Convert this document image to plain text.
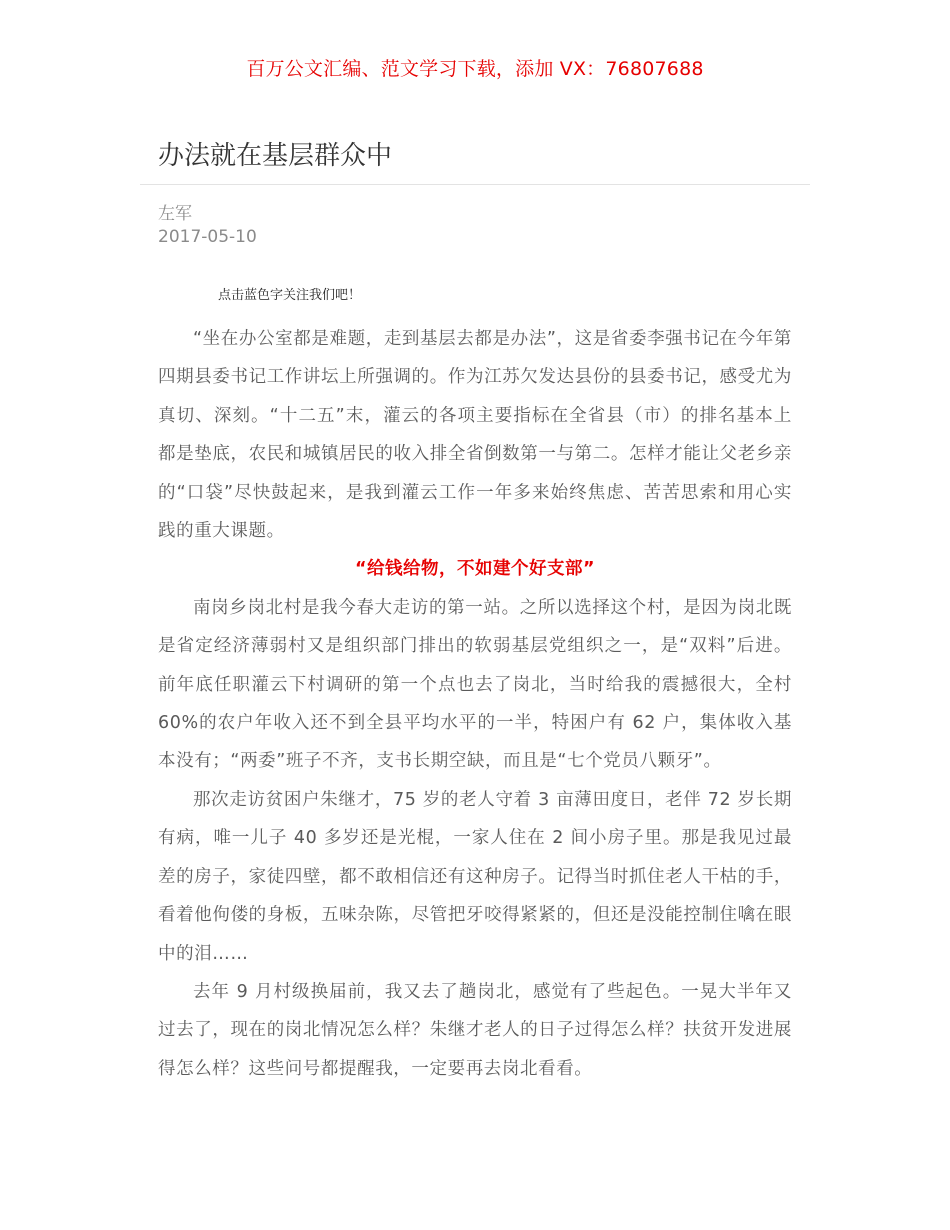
百万公文汇编、范文学习下载，添加 VX：76807688
办法就在基层群众中
左军
2017-05-10
点击蓝色字关注我们吧！

“坐在办公室都是难题，走到基层去都是办法”，这是省委李强书记在今年第四期县委书记工作讲坛上所强调的。作为江苏欠发达县份的县委书记，感受尤为真切、深刻。“十二五”末，灌云的各项主要指标在全省县（市）的排名基本上都是垫底，农民和城镇居民的收入排全省倒数第一与第二。怎样才能让父老乡亲的“口袋”尽快鼓起来，是我到灌云工作一年多来始终焦虑、苦苦思索和用心实践的重大课题。

“给钱给物，不如建个好支部”

南岗乡岗北村是我今春大走访的第一站。之所以选择这个村，是因为岗北既是省定经济薄弱村又是组织部门排出的软弱基层党组织之一，是“双料”后进。前年底任职灌云下村调研的第一个点也去了岗北，当时给我的震撼很大，全村 60%的农户年收入还不到全县平均水平的一半，特困户有 62 户，集体收入基本没有；“两委”班子不齐，支书长期空缺，而且是“七个党员八颗牙”。

那次走访贫困户朱继才，75 岁的老人守着 3 亩薄田度日，老伴 72 岁长期有病，唯一儿子 40 多岁还是光棍，一家人住在 2 间小房子里。那是我见过最差的房子，家徒四壁，都不敢相信还有这种房子。记得当时抓住老人干枯的手，看着他佝偻的身板，五味杂陈，尽管把牙咬得紧紧的，但还是没能控制住噙在眼中的泪……

去年 9 月村级换届前，我又去了趟岗北，感觉有了些起色。一晃大半年又过去了，现在的岗北情况怎么样？朱继才老人的日子过得怎么样？扶贫开发进展得怎么样？这些问号都提醒我，一定要再去岗北看看。
